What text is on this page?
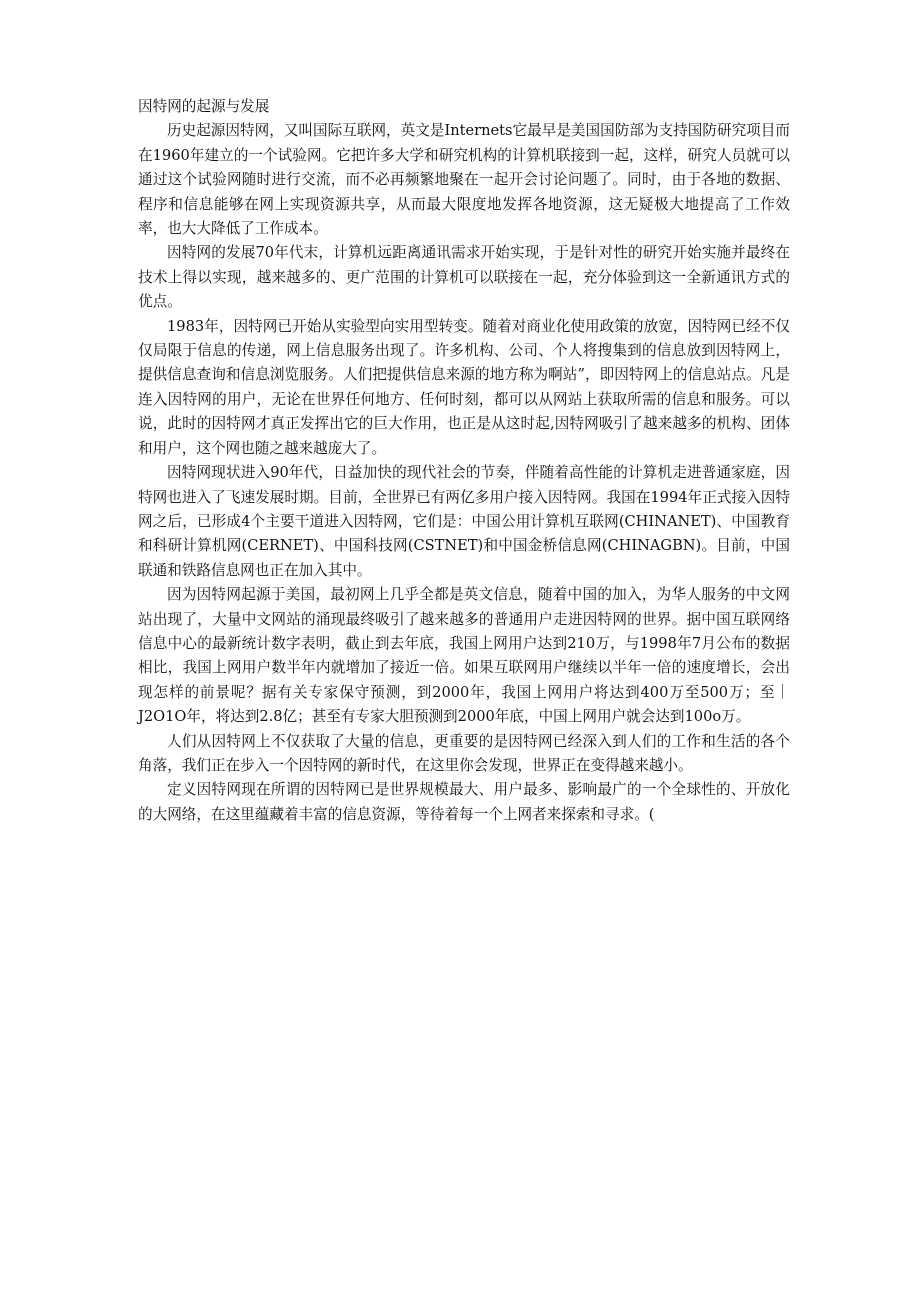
因特网的起源与发展

历史起源因特网，又叫国际互联网，英文是Internets它最早是美国国防部为支持国防研究项目而在1960年建立的一个试验网。它把许多大学和研究机构的计算机联接到一起，这样，研究人员就可以通过这个试验网随时进行交流，而不必再频繁地聚在一起开会讨论问题了。同时，由于各地的数据、程序和信息能够在网上实现资源共享，从而最大限度地发挥各地资源，这无疑极大地提高了工作效率，也大大降低了工作成本。

因特网的发展70年代末，计算机远距离通讯需求开始实现，于是针对性的研究开始实施并最终在技术上得以实现，越来越多的、更广范围的计算机可以联接在一起，充分体验到这一全新通讯方式的优点。

1983年，因特网已开始从实验型向实用型转变。随着对商业化使用政策的放宽，因特网已经不仅仅局限于信息的传递，网上信息服务出现了。许多机构、公司、个人将搜集到的信息放到因特网上，提供信息查询和信息浏览服务。人们把提供信息来源的地方称为啊站”，即因特网上的信息站点。凡是连入因特网的用户，无论在世界任何地方、任何时刻，都可以从网站上获取所需的信息和服务。可以说，此时的因特网才真正发挥出它的巨大作用，也正是从这时起,因特网吸引了越来越多的机构、团体和用户，这个网也随之越来越庞大了。

因特网现状进入90年代，日益加快的现代社会的节奏，伴随着高性能的计算机走进普通家庭，因特网也进入了飞速发展时期。目前，全世界已有两亿多用户接入因特网。我国在1994年正式接入因特网之后，已形成4个主要干道进入因特网，它们是：中国公用计算机互联网(CHINANET)、中国教育和科研计算机网(CERNET)、中国科技网(CSTNET)和中国金桥信息网(CHINAGBN)。目前，中国联通和铁路信息网也正在加入其中。

因为因特网起源于美国，最初网上几乎全都是英文信息，随着中国的加入，为华人服务的中文网站出现了，大量中文网站的涌现最终吸引了越来越多的普通用户走进因特网的世界。据中国互联网络信息中心的最新统计数字表明，截止到去年底，我国上网用户达到210万，与1998年7月公布的数据相比，我国上网用户数半年内就增加了接近一倍。如果互联网用户继续以半年一倍的速度增长，会出现怎样的前景呢？据有关专家保守预测，到2000年，我国上网用户将达到400万至500万；至｜J2O1O年，将达到2.8亿；甚至有专家大胆预测到2000年底，中国上网用户就会达到100o万。

人们从因特网上不仅获取了大量的信息，更重要的是因特网已经深入到人们的工作和生活的各个角落，我们正在步入一个因特网的新时代，在这里你会发现，世界正在变得越来越小。

定义因特网现在所谓的因特网已是世界规模最大、用户最多、影响最广的一个全球性的、开放化的大网络，在这里蕴藏着丰富的信息资源，等待着每一个上网者来探索和寻求。(
